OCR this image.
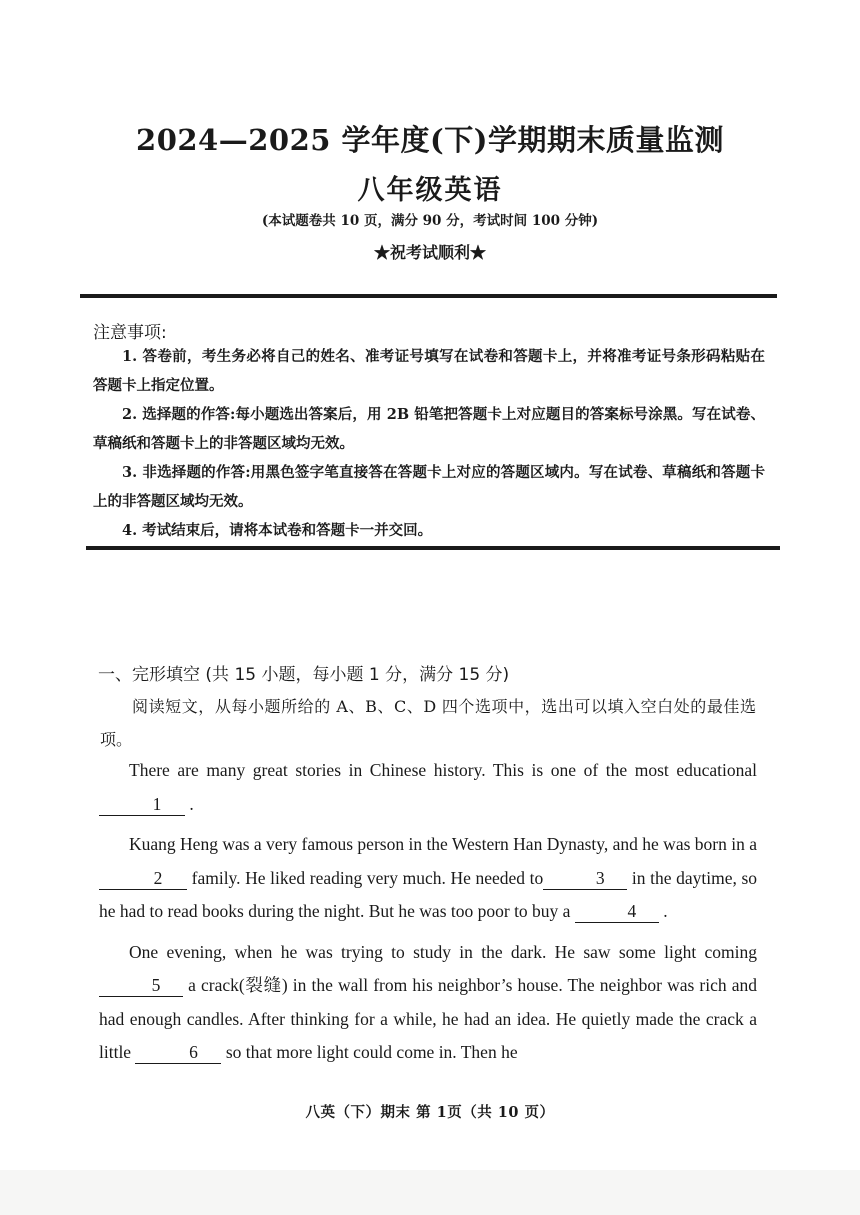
2024—2025 学年度(下)学期期末质量监测
八年级英语
(本试题卷共 10 页，满分 90 分，考试时间 100 分钟)
★祝考试顺利★
注意事项:

1. 答卷前，考生务必将自己的姓名、准考证号填写在试卷和答题卡上，并将准考证号条形码粘贴在答题卡上指定位置。

2. 选择题的作答:每小题选出答案后，用 2B 铅笔把答题卡上对应题目的答案标号涂黑。写在试卷、草稿纸和答题卡上的非答题区域均无效。

3. 非选择题的作答:用黑色签字笔直接答在答题卡上对应的答题区域内。写在试卷、草稿纸和答题卡上的非答题区域均无效。

4. 考试结束后，请将本试卷和答题卡一并交回。

一、完形填空 (共 15 小题，每小题 1 分，满分 15 分)
阅读短文，从每小题所给的 A、B、C、D 四个选项中，选出可以填入空白处的最佳选项。

There are many great stories in Chinese history. This is one of the most educational 1 .

Kuang Heng was a very famous person in the Western Han Dynasty, and he was born in a 2 family. He liked reading very much. He needed to	3 in the daytime, so he had to read books during the night. But he was too poor to buy a	4 .

One evening, when he was trying to study in the dark. He saw some light coming 5 a crack(裂缝) in the wall from his neighbor’s house. The neighbor was rich and had enough candles. After thinking for a while, he had an idea. He quietly made the crack a little	6 so that more light could come in. Then he

八英（下）期末 第 1页（共 10 页）
